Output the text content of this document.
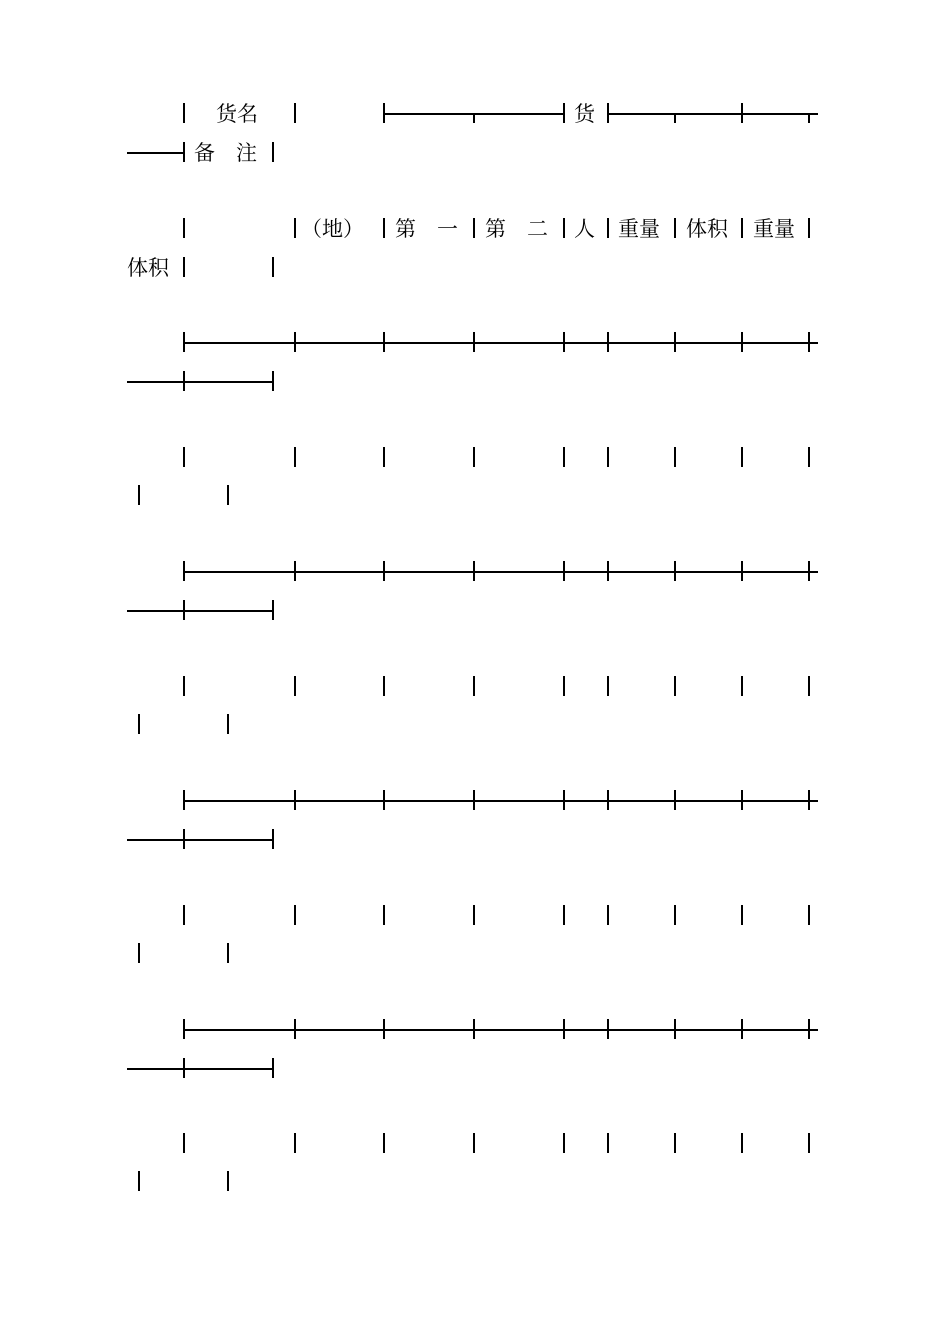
货名	货
备　注
（地） 第　一 第　二 人 重量 体积 重量
体积
